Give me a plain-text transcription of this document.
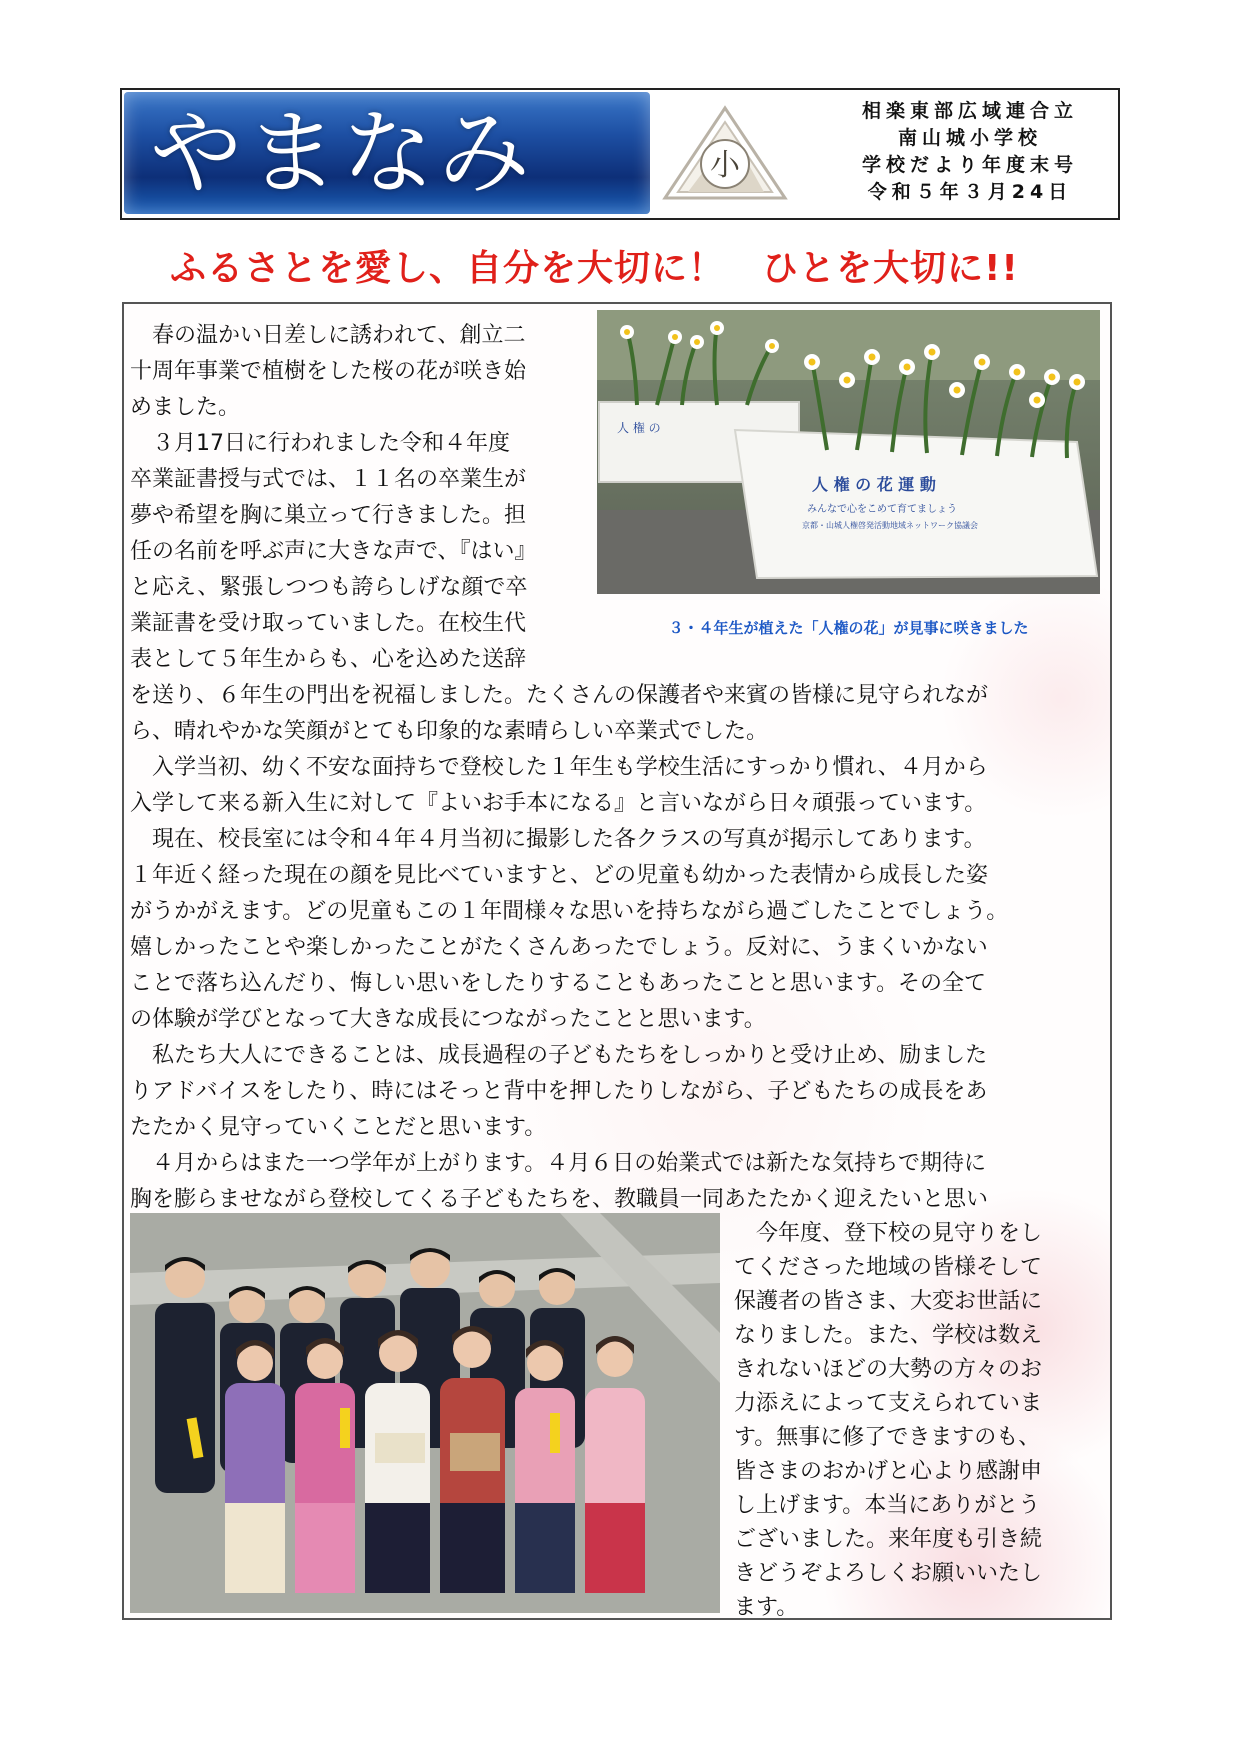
やまなみ	小
相楽東部広域連合立
南山城小学校
学校だより年度末号
令和５年３月24日
ふるさとを愛し、自分を大切に！　ひとを大切に!!
人 権 の
人 権 の 花 運 動
みんなで心をこめて育てましょう
京都・山城人権啓発活動地域ネットワーク協議会
３・４年生が植えた「人権の花」が見事に咲きました

　春の温かい日差しに誘われて、創立二

十周年事業で植樹をした桜の花が咲き始

めました。

　３月17日に行われました令和４年度

卒業証書授与式では、１１名の卒業生が

夢や希望を胸に巣立って行きました。担

任の名前を呼ぶ声に大きな声で、『はい』

と応え、緊張しつつも誇らしげな顔で卒

業証書を受け取っていました。在校生代

表として５年生からも、心を込めた送辞

を送り、６年生の門出を祝福しました。たくさんの保護者や来賓の皆様に見守られなが

ら、晴れやかな笑顔がとても印象的な素晴らしい卒業式でした。

　入学当初、幼く不安な面持ちで登校した１年生も学校生活にすっかり慣れ、４月から

入学して来る新入生に対して『よいお手本になる』と言いながら日々頑張っています。

　現在、校長室には令和４年４月当初に撮影した各クラスの写真が掲示してあります。

１年近く経った現在の顔を見比べていますと、どの児童も幼かった表情から成長した姿

がうかがえます。どの児童もこの１年間様々な思いを持ちながら過ごしたことでしょう。

嬉しかったことや楽しかったことがたくさんあったでしょう。反対に、うまくいかない

ことで落ち込んだり、悔しい思いをしたりすることもあったことと思います。その全て

の体験が学びとなって大きな成長につながったことと思います。

　私たち大人にできることは、成長過程の子どもたちをしっかりと受け止め、励ました

りアドバイスをしたり、時にはそっと背中を押したりしながら、子どもたちの成長をあ

たたかく見守っていくことだと思います。

　４月からはまた一つ学年が上がります。４月６日の始業式では新たな気持ちで期待に

胸を膨らませながら登校してくる子どもたちを、教職員一同あたたかく迎えたいと思い

　今年度、登下校の見守りをし

てくださった地域の皆様そして

保護者の皆さま、大変お世話に

なりました。また、学校は数え

きれないほどの大勢の方々のお

力添えによって支えられていま

す。無事に修了できますのも、

皆さまのおかげと心より感謝申

し上げます。本当にありがとう

ございました。来年度も引き続

きどうぞよろしくお願いいたし

ます。
